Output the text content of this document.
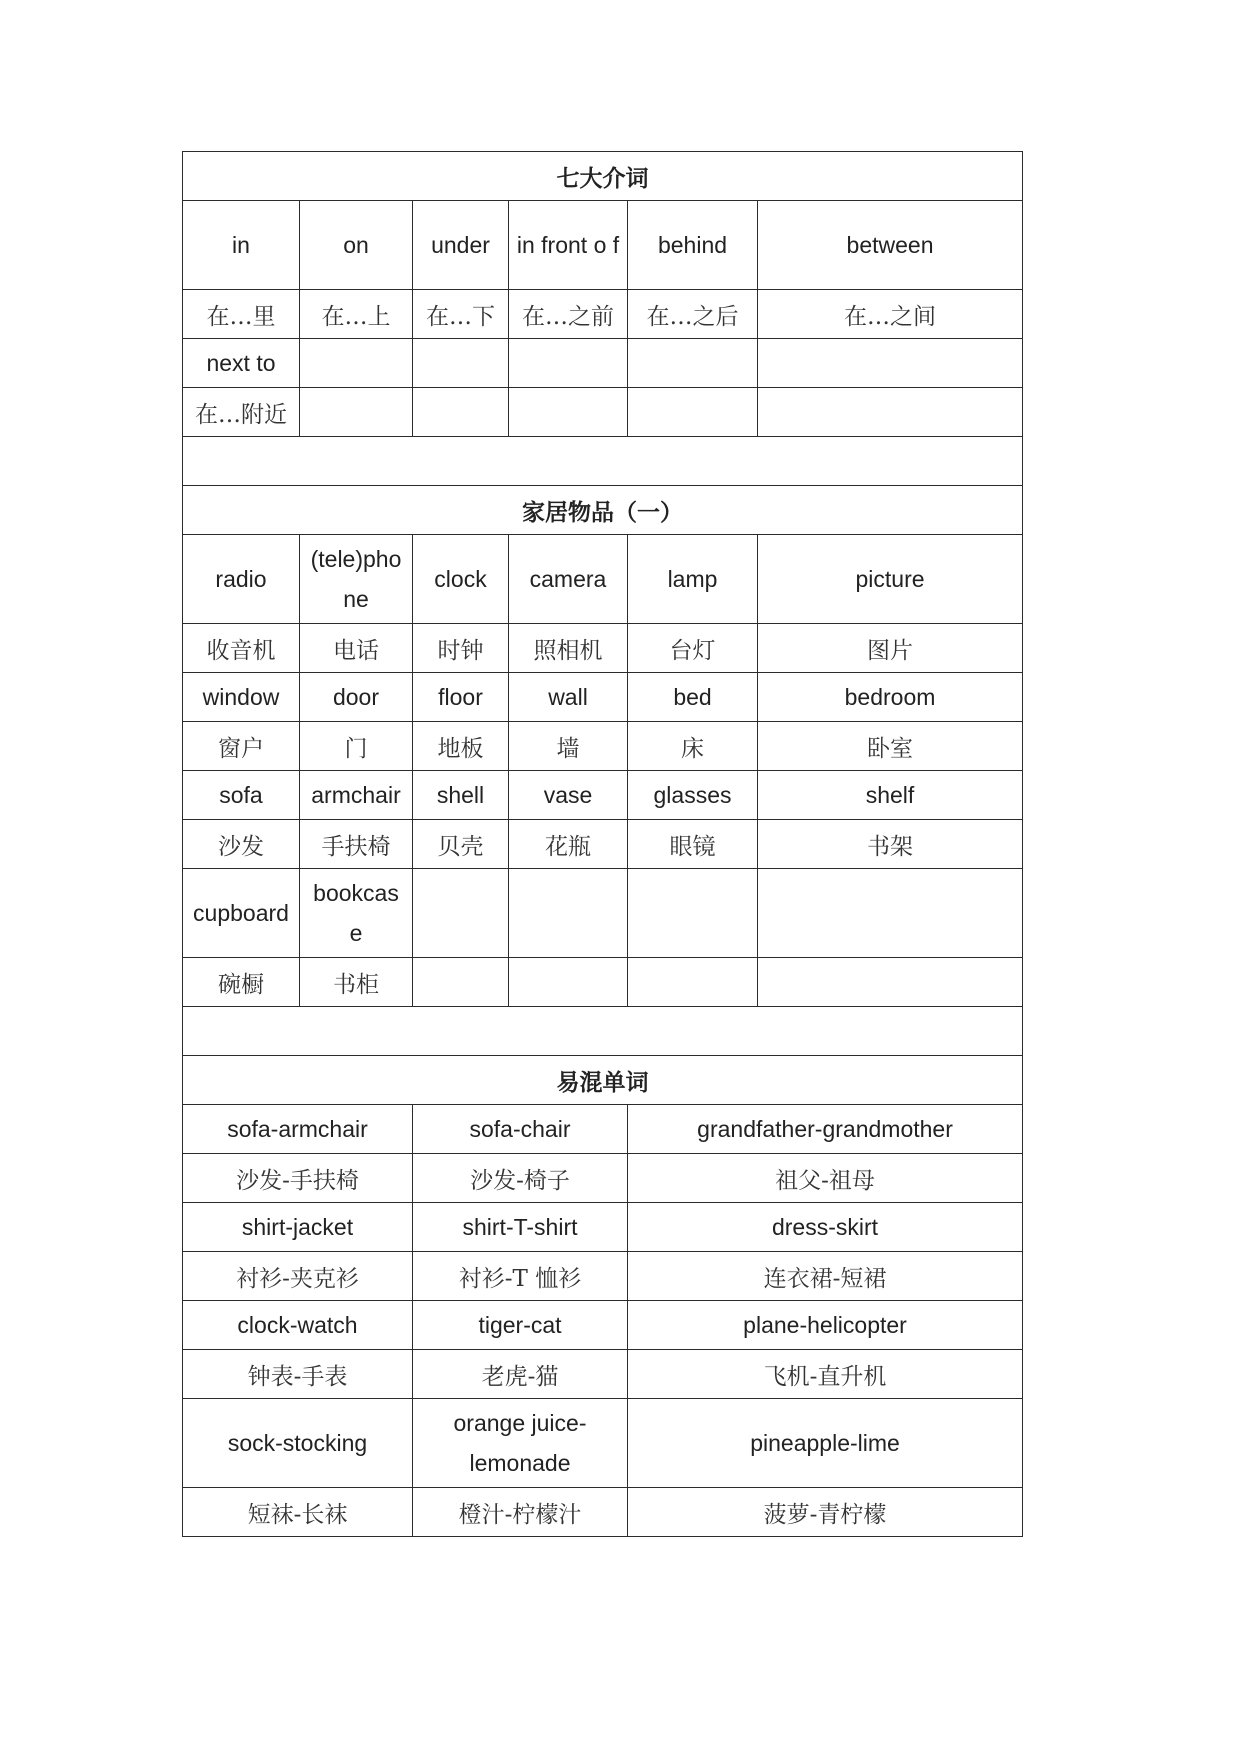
七大介词					
in	on	under	in front o f	behind	between
在…里	在…上	在…下	在…之前	在…之后	在…之间
next to					
在…附近					

家居物品（一）					
radio	(tele)pho ne	clock	camera	lamp	picture
收音机	电话	时钟	照相机	台灯	图片
window	door	floor	wall	bed	bedroom
窗户	门	地板	墙	床	卧室
sofa	armchair	shell	vase	glasses	shelf
沙发	手扶椅	贝壳	花瓶	眼镜	书架
cupboard	bookcas e				
碗橱	书柜				

易混单词					
sofa-armchair		sofa-chair		grandfather-grandmother	
沙发-手扶椅		沙发-椅子		祖父-祖母	
shirt-jacket		shirt-T-shirt		dress-skirt	
衬衫-夹克衫		衬衫-T 恤衫		连衣裙-短裙	
clock-watch		tiger-cat		plane-helicopter	
钟表-手表		老虎-猫		飞机-直升机	
sock-stocking		orange juice-lemonade		pineapple-lime	
短袜-长袜		橙汁-柠檬汁		菠萝-青柠檬	
